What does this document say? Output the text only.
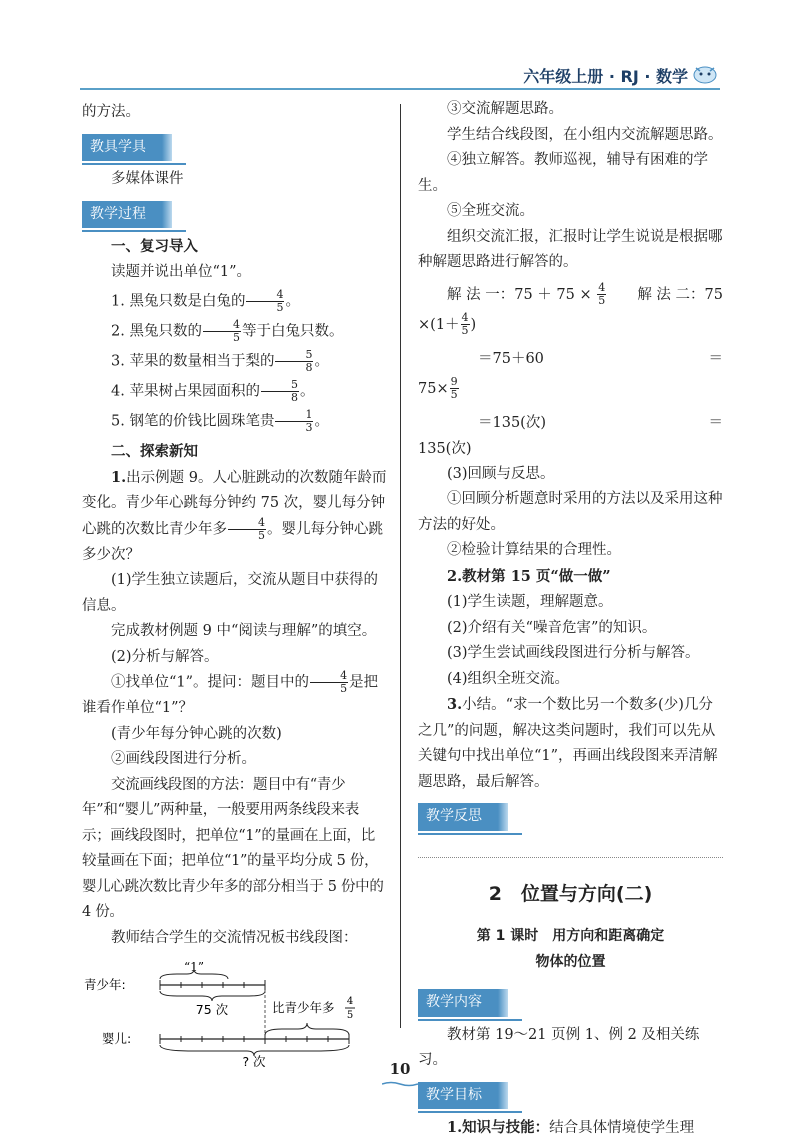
六年级上册 · RJ · 数学

的方法。

教具学具

多媒体课件

教学过程

一、复习导入

读题并说出单位“1”。

1. 黑兔只数是白兔的 $\frac{4}{5}$ 。

2. 黑兔只数的 $\frac{4}{5}$ 等于白兔只数。

3. 苹果的数量相当于梨的 $\frac{5}{8}$ 。

4. 苹果树占果园面积的 $\frac{5}{8}$ 。

5. 钢笔的价钱比圆珠笔贵 $\frac{1}{3}$ 。

二、探索新知

1.出示例题 9。人心脏跳动的次数随年龄而变化。青少年心跳每分钟约 75 次，婴儿每分钟心跳的次数比青少年多 $\frac{4}{5}$ 。婴儿每分钟心跳多少次？

(1)学生独立读题后，交流从题目中获得的信息。

完成教材例题 9 中“阅读与理解”的填空。

(2)分析与解答。

①找单位“1”。提问：题目中的 $\frac{4}{5}$ 是把谁看作单位“1”？

(青少年每分钟心跳的次数)

②画线段图进行分析。

交流画线段图的方法：题目中有“青少年”和“婴儿”两种量，一般要用两条线段来表示；画线段图时，把单位“1”的量画在上面，比较量画在下面；把单位“1”的量平均分成 5 份，婴儿心跳次数比青少年多的部分相当于 5 份中的 4 份。

教师结合学生的交流情况板书线段图：

“1”
青少年:
75 次	比青少年多 4
5
婴儿:
? 次

③交流解题思路。

学生结合线段图，在小组内交流解题思路。

④独立解答。教师巡视，辅导有困难的学生。

⑤全班交流。

组织交流汇报，汇报时让学生说说是根据哪种解题思路进行解答的。

解 法 一：$75 + 75 \times \frac{4}{5}$ 解 法 二：75
$\times(1+ \frac{4}{5}$ )
＝75＋60	＝
$75\times \frac{9}{5}$
＝135(次)	＝
135(次)

(3)回顾与反思。

①回顾分析题意时采用的方法以及采用这种方法的好处。

②检验计算结果的合理性。

2.教材第 15 页“做一做”

(1)学生读题，理解题意。

(2)介绍有关“噪音危害”的知识。

(3)学生尝试画线段图进行分析与解答。

(4)组织全班交流。

3.小结。“求一个数比另一个数多(少)几分之几”的问题，解决这类问题时，我们可以先从关键句中找出单位“1”，再画出线段图来弄清解题思路，最后解答。

教学反思
2　位置与方向(二)
第 1 课时　用方向和距离确定
物体的位置
教学内容

教材第 19～21 页例 1、例 2 及相关练习。

教学目标

1.知识与技能：结合具体情境使学生理

10
